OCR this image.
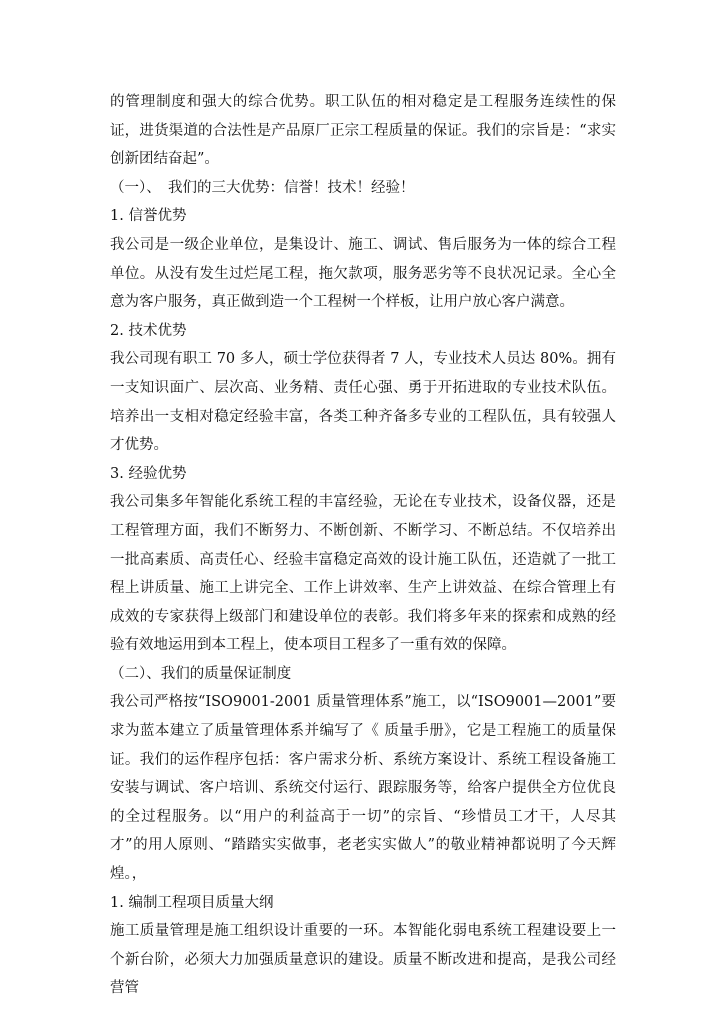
的管理制度和强大的综合优势。职工队伍的相对稳定是工程服务连续性的保证，进货渠道的合法性是产品原厂正宗工程质量的保证。我们的宗旨是：“求实创新团结奋起”。

（一）、　我们的三大优势：信誉！技术！经验！

1. 信誉优势

我公司是一级企业单位，是集设计、施工、调试、售后服务为一体的综合工程单位。从没有发生过烂尾工程，拖欠款项，服务恶劣等不良状况记录。全心全意为客户服务，真正做到造一个工程树一个样板，让用户放心客户满意。

2. 技术优势

我公司现有职工 70 多人，硕士学位获得者 7 人，专业技术人员达 80%。拥有一支知识面广、层次高、业务精、责任心强、勇于开拓进取的专业技术队伍。培养出一支相对稳定经验丰富，各类工种齐备多专业的工程队伍，具有较强人才优势。

3. 经验优势

我公司集多年智能化系统工程的丰富经验，无论在专业技术，设备仪器，还是工程管理方面，我们不断努力、不断创新、不断学习、不断总结。不仅培养出一批高素质、高责任心、经验丰富稳定高效的设计施工队伍，还造就了一批工程上讲质量、施工上讲完全、工作上讲效率、生产上讲效益、在综合管理上有成效的专家获得上级部门和建设单位的表彰。我们将多年来的探索和成熟的经验有效地运用到本工程上，使本项目工程多了一重有效的保障。

（二）、我们的质量保证制度

我公司严格按“ISO9001-2001 质量管理体系”施工，以“ISO9001—2001”要求为蓝本建立了质量管理体系并编写了《 质量手册》，它是工程施工的质量保证。我们的运作程序包括：客户需求分析、系统方案设计、系统工程设备施工安装与调试、客户培训、系统交付运行、跟踪服务等，给客户提供全方位优良的全过程服务。以“用户的利益高于一切”的宗旨、“珍惜员工才干，人尽其才”的用人原则、“踏踏实实做事，老老实实做人”的敬业精神都说明了今天辉煌。，

1. 编制工程项目质量大纲

施工质量管理是施工组织设计重要的一环。本智能化弱电系统工程建设要上一个新台阶，必须大力加强质量意识的建设。质量不断改进和提高，是我公司经营管
